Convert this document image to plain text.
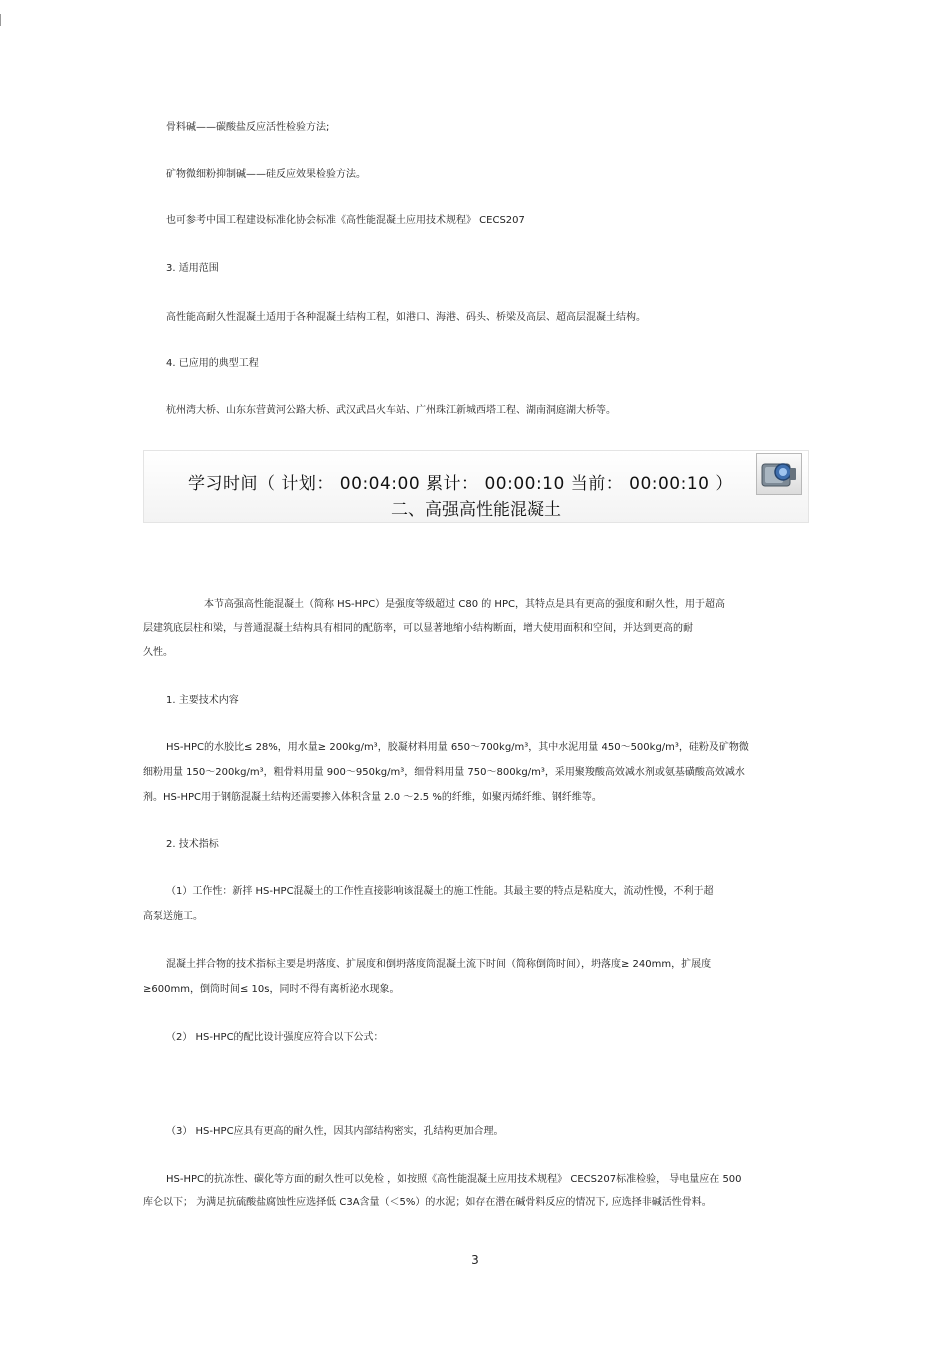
骨料碱——碳酸盐反应活性检验方法;
矿物微细粉抑制碱——硅反应效果检验方法。
也可参考中国工程建设标准化协会标准《高性能混凝土应用技术规程》 CECS207
3. 适用范围
高性能高耐久性混凝土适用于各种混凝土结构工程，如港口、海港、码头、桥梁及高层、超高层混凝土结构。
4. 已应用的典型工程
杭州湾大桥、山东东营黄河公路大桥、武汉武昌火车站、广州珠江新城西塔工程、湖南洞庭湖大桥等。
学习时间（ 计划： 00:04:00 累计： 00:00:10 当前： 00:00:10 ）
二、高强高性能混凝土
本节高强高性能混凝土（简称 HS-HPC）是强度等级超过 C80 的 HPC，其特点是具有更高的强度和耐久性，用于超高
层建筑底层柱和梁，与普通混凝土结构具有相同的配筋率，可以显著地缩小结构断面，增大使用面积和空间，并达到更高的耐
久性。
1. 主要技术内容
HS-HPC的水胶比≤ 28%，用水量≥ 200kg/m³，胶凝材料用量 650～700kg/m³，其中水泥用量 450～500kg/m³，硅粉及矿物微
细粉用量 150～200kg/m³，粗骨料用量 900～950kg/m³，细骨料用量 750～800kg/m³，采用聚羧酸高效减水剂或氨基磺酸高效减水
剂。HS-HPC用于钢筋混凝土结构还需要掺入体积含量 2.0 ～2.5 %的纤维，如聚丙烯纤维、钢纤维等。
2. 技术指标
（1）工作性：新拌 HS-HPC混凝土的工作性直接影响该混凝土的施工性能。其最主要的特点是粘度大，流动性慢，不利于超
高泵送施工。
混凝土拌合物的技术指标主要是坍落度、扩展度和倒坍落度筒混凝土流下时间（简称倒筒时间），坍落度≥ 240mm，扩展度
≥600mm，倒筒时间≤ 10s，同时不得有离析泌水现象。
（2） HS-HPC的配比设计强度应符合以下公式：
（3） HS-HPC应具有更高的耐久性，因其内部结构密实，孔结构更加合理。
HS-HPC的抗冻性、碳化等方面的耐久性可以免检 ，如按照《高性能混凝土应用技术规程》 CECS207标准检验， 导电量应在 500
库仑以下； 为满足抗硫酸盐腐蚀性应选择低 C3A含量（＜5%）的水泥；如存在潜在碱骨料反应的情况下, 应选择非碱活性骨料。
3
